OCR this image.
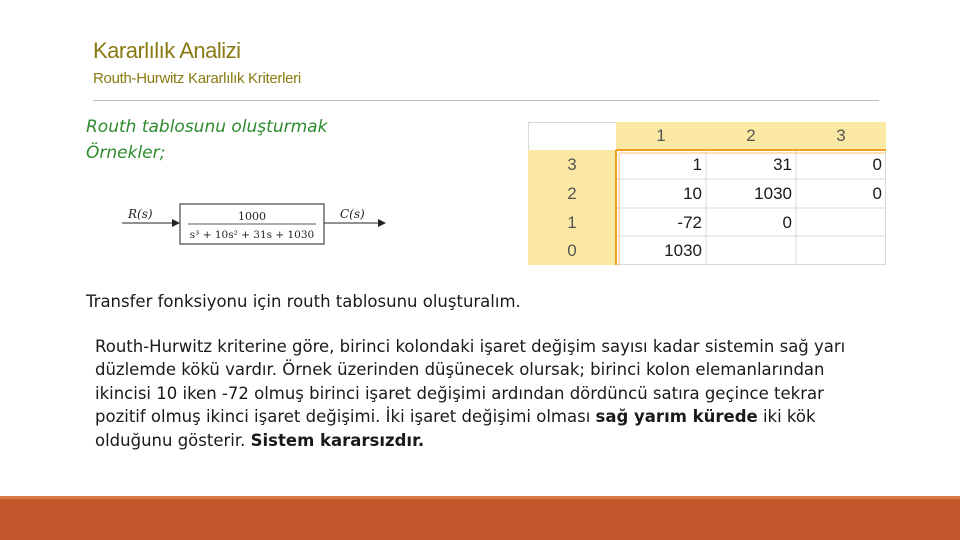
Kararlılık Analizi
Routh-Hurwitz Kararlılık Kriterleri
Routh tablosunu oluşturmak
Örnekler;
R(s)	1000
s³ + 10s² + 31s + 1030
C(s)
1	2	3
3	1	31	0
2	10	1030	0
1	-72	0
0	1030
Transfer fonksiyonu için routh tablosunu oluşturalım.
Routh-Hurwitz kriterine göre, birinci kolondaki işaret değişim sayısı kadar sistemin sağ yarı düzlemde kökü vardır. Örnek üzerinden düşünecek olursak; birinci kolon elemanlarından ikincisi 10 iken -72 olmuş birinci işaret değişimi ardından dördüncü satıra geçince tekrar pozitif olmuş ikinci işaret değişimi. İki işaret değişimi olması sağ yarım kürede iki kök olduğunu gösterir. Sistem kararsızdır.
